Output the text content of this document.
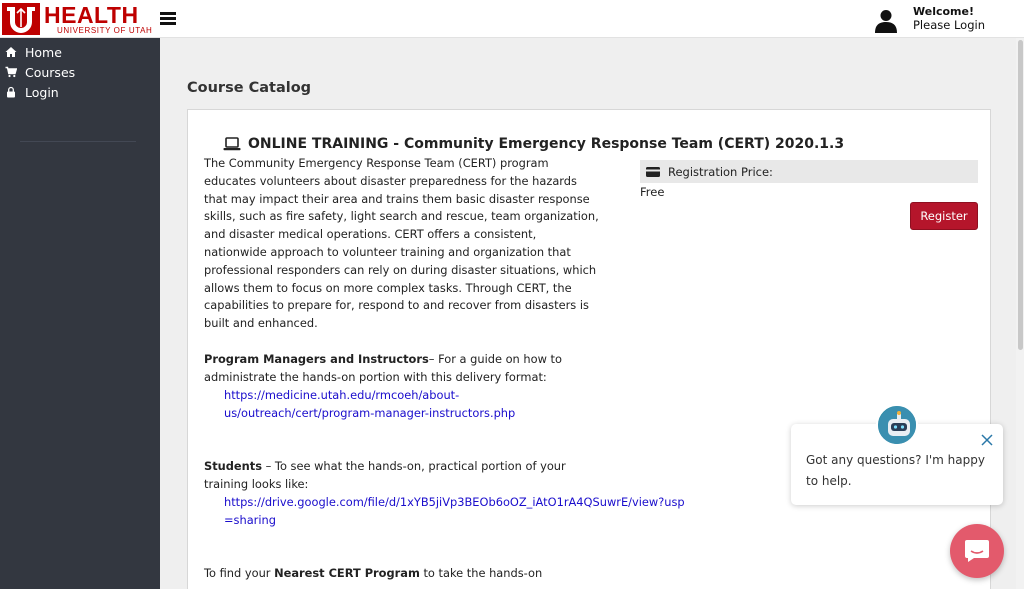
HEALTH
UNIVERSITY OF UTAH
Welcome!
Please Login
Home
Courses
Login	Course Catalog
ONLINE TRAINING - Community Emergency Response Team (CERT) 2020.1.3
The Community Emergency Response Team (CERT) program educates volunteers about disaster preparedness for the hazards that may impact their area and trains them basic disaster response skills, such as fire safety, light search and rescue, team organization, and disaster medical operations. CERT offers a consistent, nationwide approach to volunteer training and organization that professional responders can rely on during disaster situations, which allows them to focus on more complex tasks. Through CERT, the capabilities to prepare for, respond to and recover from disasters is built and enhanced.
Program Managers and Instructors– For a guide on how to administrate the hands-on portion with this delivery format:
https://medicine.utah.edu/rmcoeh/about-us/outreach/cert/program-manager-instructors.php
Students – To see what the hands-on, practical portion of your training looks like:
https://drive.google.com/file/d/1xYB5jiVp3BEOb6oOZ_iAtO1rA4QSuwrE/view?usp=sharing
To find your Nearest CERT Program to take the hands-on
Registration Price:
Free
Register
Got any questions? I'm happy to help.
